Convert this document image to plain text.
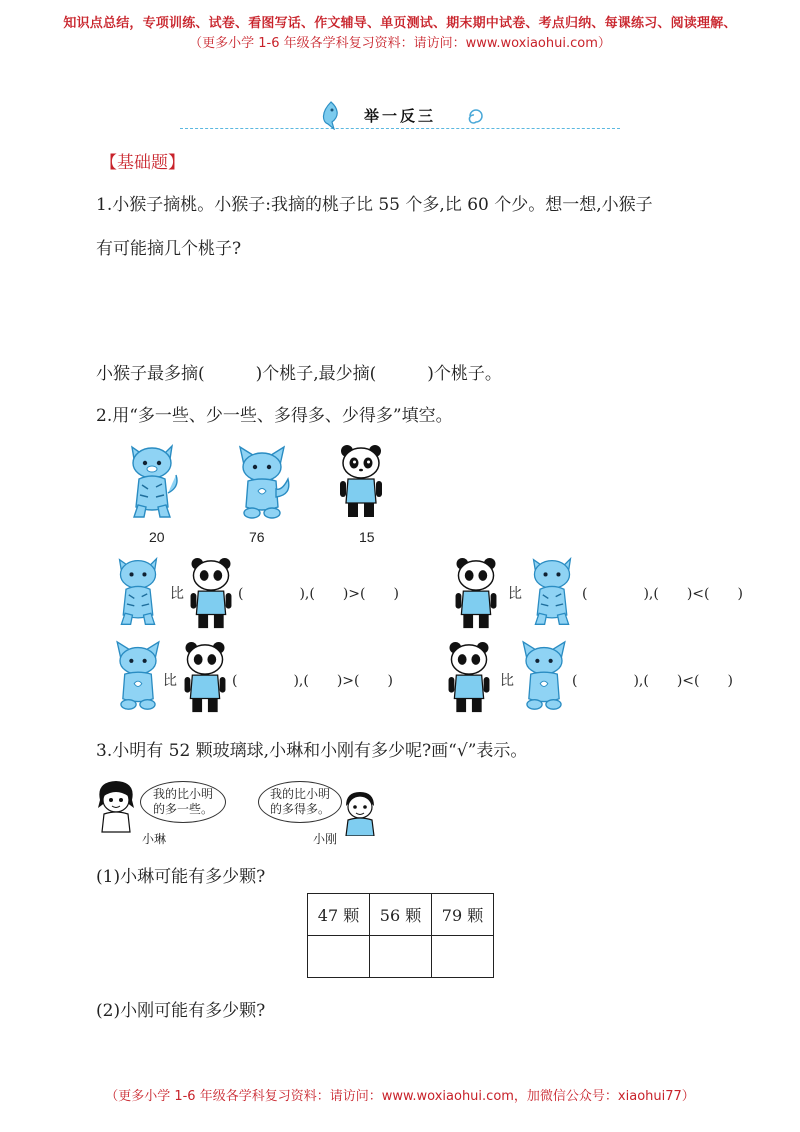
知识点总结，专项训练、试卷、看图写话、作文辅导、单页测试、期末期中试卷、考点归纳、每课练习、阅读理解、
（更多小学 1-6 年级各学科复习资料：请访问：www.woxiaohui.com）
举一反三
【基础题】
1.小猴子摘桃。小猴子:我摘的桃子比 55 个多,比 60 个少。想一想,小猴子
有可能摘几个桃子?
小猴子最多摘(　　　)个桃子,最少摘(　　　)个桃子。
2.用“多一些、少一些、多得多、少得多”填空。
20	76	15
比	(　　　　),(　　)>(　　)	比	(　　　　),(　　)<(　　)
比	(　　　　),(　　)>(　　)	比	(　　　　),(　　)<(　　)
3.小明有 52 颗玻璃球,小琳和小刚有多少呢?画“√”表示。
我的比小明
的多一些。
小琳
我的比小明
的多得多。
小刚
(1)小琳可能有多少颗?
47 颗	56 颗	79 颗

(2)小刚可能有多少颗?
（更多小学 1-6 年级各学科复习资料：请访问：www.woxiaohui.com，加微信公众号：xiaohui77）
